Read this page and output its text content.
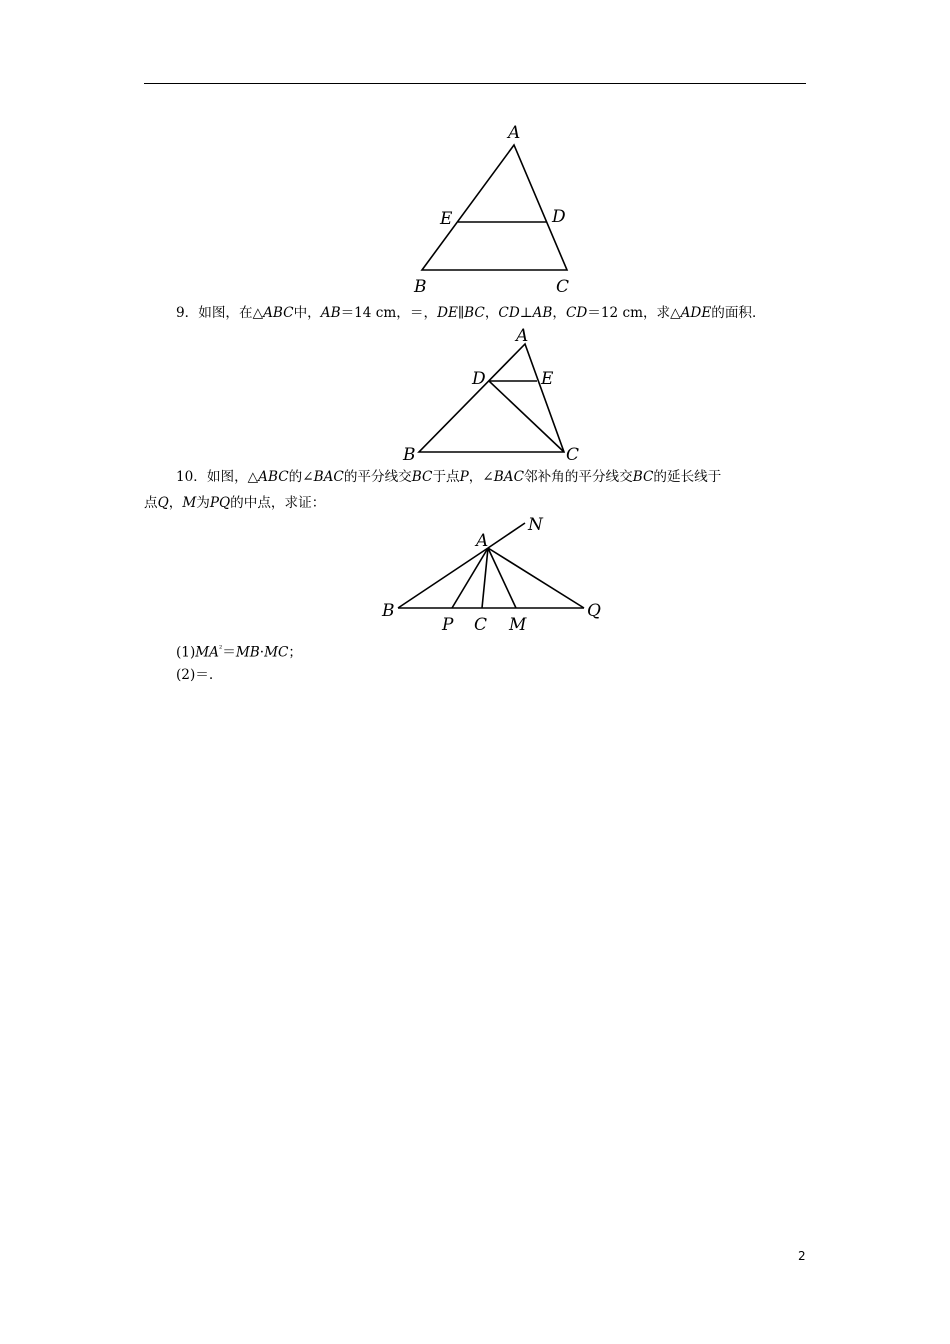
A
E	D
B	C
9．如图，在△ABC中，AB＝14 cm，＝，DE∥BC，CD⊥AB，CD＝12 cm，求△ADE的面积．
A
D	E
B	C
10．如图，△ABC的∠BAC的平分线交BC于点P，∠BAC邻补角的平分线交BC的延长线于
点Q，M为PQ的中点，求证：
A
N
B
P C M
Q
$(1)MA^{^2}=MB\cdot MC$；
(2)＝.
2
